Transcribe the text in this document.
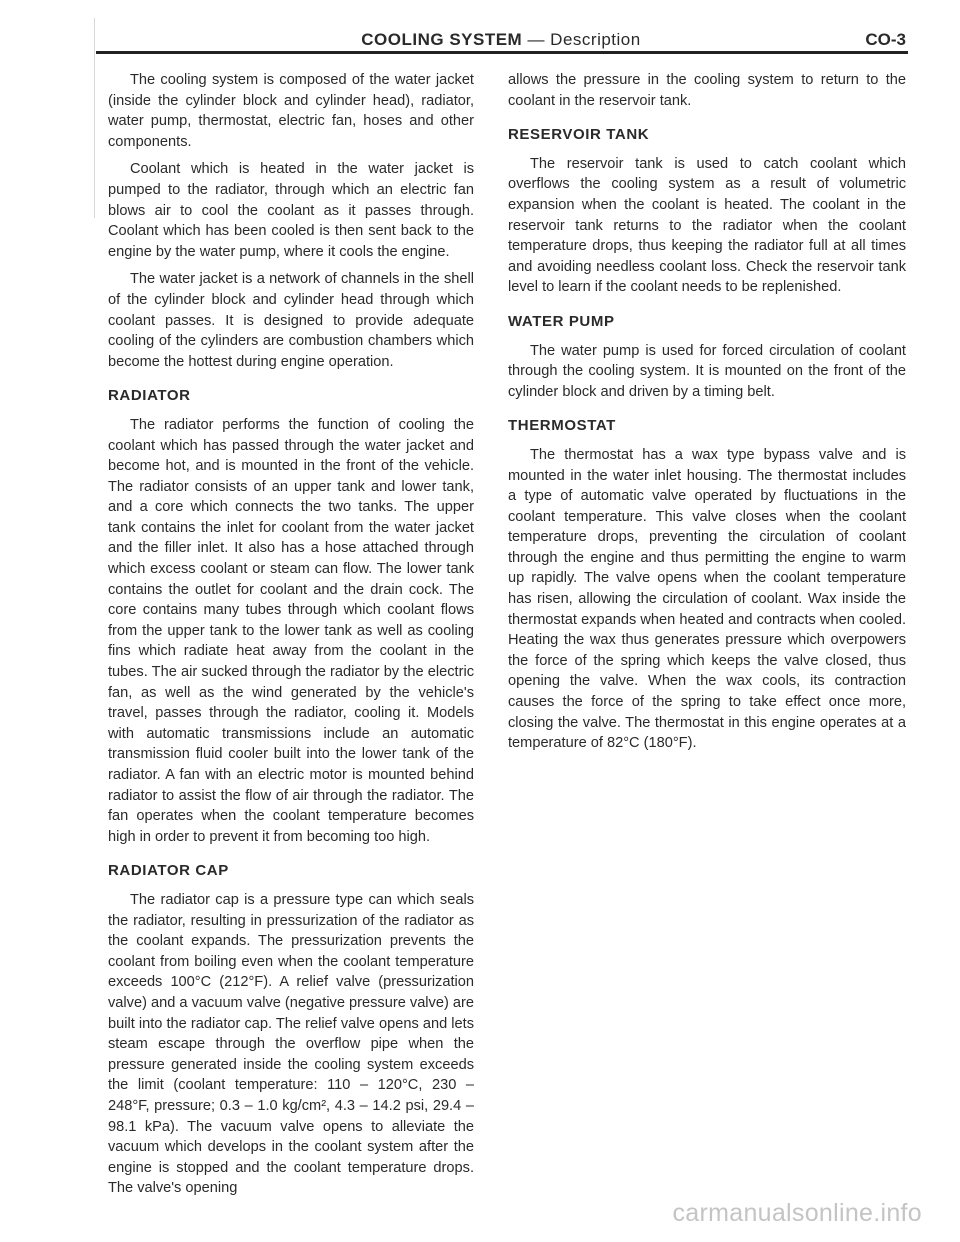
COOLING SYSTEM — Description	CO-3

The cooling system is composed of the water jacket (inside the cylinder block and cylinder head), radiator, water pump, thermostat, electric fan, hoses and other components.

Coolant which is heated in the water jacket is pumped to the radiator, through which an electric fan blows air to cool the coolant as it passes through. Coolant which has been cooled is then sent back to the engine by the water pump, where it cools the engine.

The water jacket is a network of channels in the shell of the cylinder block and cylinder head through which coolant passes. It is designed to provide adequate cooling of the cylinders are combustion chambers which become the hottest during engine operation.

RADIATOR

The radiator performs the function of cooling the coolant which has passed through the water jacket and become hot, and is mounted in the front of the vehicle. The radiator consists of an upper tank and lower tank, and a core which connects the two tanks. The upper tank contains the inlet for coolant from the water jacket and the filler inlet. It also has a hose attached through which excess coolant or steam can flow. The lower tank contains the outlet for coolant and the drain cock. The core contains many tubes through which coolant flows from the upper tank to the lower tank as well as cooling fins which radiate heat away from the coolant in the tubes. The air sucked through the radiator by the electric fan, as well as the wind generated by the vehicle's travel, passes through the radiator, cooling it. Models with automatic transmissions include an automatic transmission fluid cooler built into the lower tank of the radiator. A fan with an electric motor is mounted behind radiator to assist the flow of air through the radiator. The fan operates when the coolant temperature becomes high in order to prevent it from becoming too high.

RADIATOR CAP

The radiator cap is a pressure type can which seals the radiator, resulting in pressurization of the radiator as the coolant expands. The pressurization prevents the coolant from boiling even when the coolant temperature exceeds 100°C (212°F). A relief valve (pressurization valve) and a vacuum valve (negative pressure valve) are built into the radiator cap. The relief valve opens and lets steam escape through the overflow pipe when the pressure generated inside the cooling system exceeds the limit (coolant temperature: 110 – 120°C, 230 – 248°F, pressure; 0.3 – 1.0 kg/cm², 4.3 – 14.2 psi, 29.4 – 98.1 kPa). The vacuum valve opens to alleviate the vacuum which develops in the coolant system after the engine is stopped and the coolant temperature drops. The valve's opening

allows the pressure in the cooling system to return to the coolant in the reservoir tank.

RESERVOIR TANK

The reservoir tank is used to catch coolant which overflows the cooling system as a result of volumetric expansion when the coolant is heated. The coolant in the reservoir tank returns to the radiator when the coolant temperature drops, thus keeping the radiator full at all times and avoiding needless coolant loss. Check the reservoir tank level to learn if the coolant needs to be replenished.

WATER PUMP

The water pump is used for forced circulation of coolant through the cooling system. It is mounted on the front of the cylinder block and driven by a timing belt.

THERMOSTAT

The thermostat has a wax type bypass valve and is mounted in the water inlet housing. The thermostat includes a type of automatic valve operated by fluctuations in the coolant temperature. This valve closes when the coolant temperature drops, preventing the circulation of coolant through the engine and thus permitting the engine to warm up rapidly. The valve opens when the coolant temperature has risen, allowing the circulation of coolant. Wax inside the thermostat expands when heated and contracts when cooled. Heating the wax thus generates pressure which overpowers the force of the spring which keeps the valve closed, thus opening the valve. When the wax cools, its contraction causes the force of the spring to take effect once more, closing the valve. The thermostat in this engine operates at a temperature of 82°C (180°F).

carmanualsonline.info
